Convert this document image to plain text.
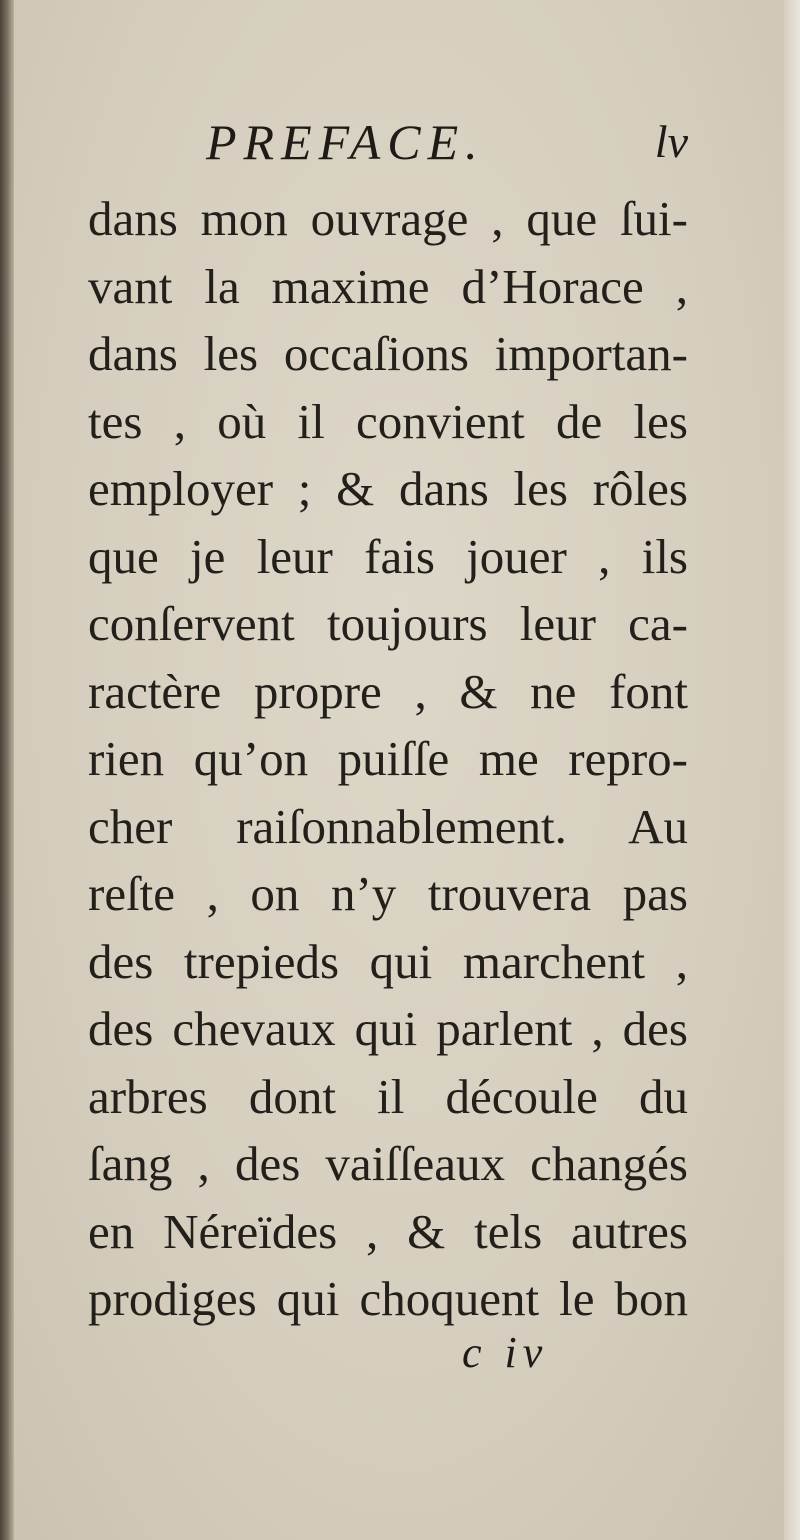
PREFACE.	lv
dans mon ouvrage , que ſui-
vant la maxime d’Horace ,
dans les occaſions importan-
tes , où il convient de les
employer ; & dans les rôles
que je leur fais jouer , ils
conſervent toujours leur ca-
ractère propre , & ne font
rien qu’on puiſſe me repro-
cher raiſonnablement. Au
reſte , on n’y trouvera pas
des trepieds qui marchent ,
des chevaux qui parlent , des
arbres dont il découle du
ſang , des vaiſſeaux changés
en Néreïdes , & tels autres
prodiges qui choquent le bon
c iv
